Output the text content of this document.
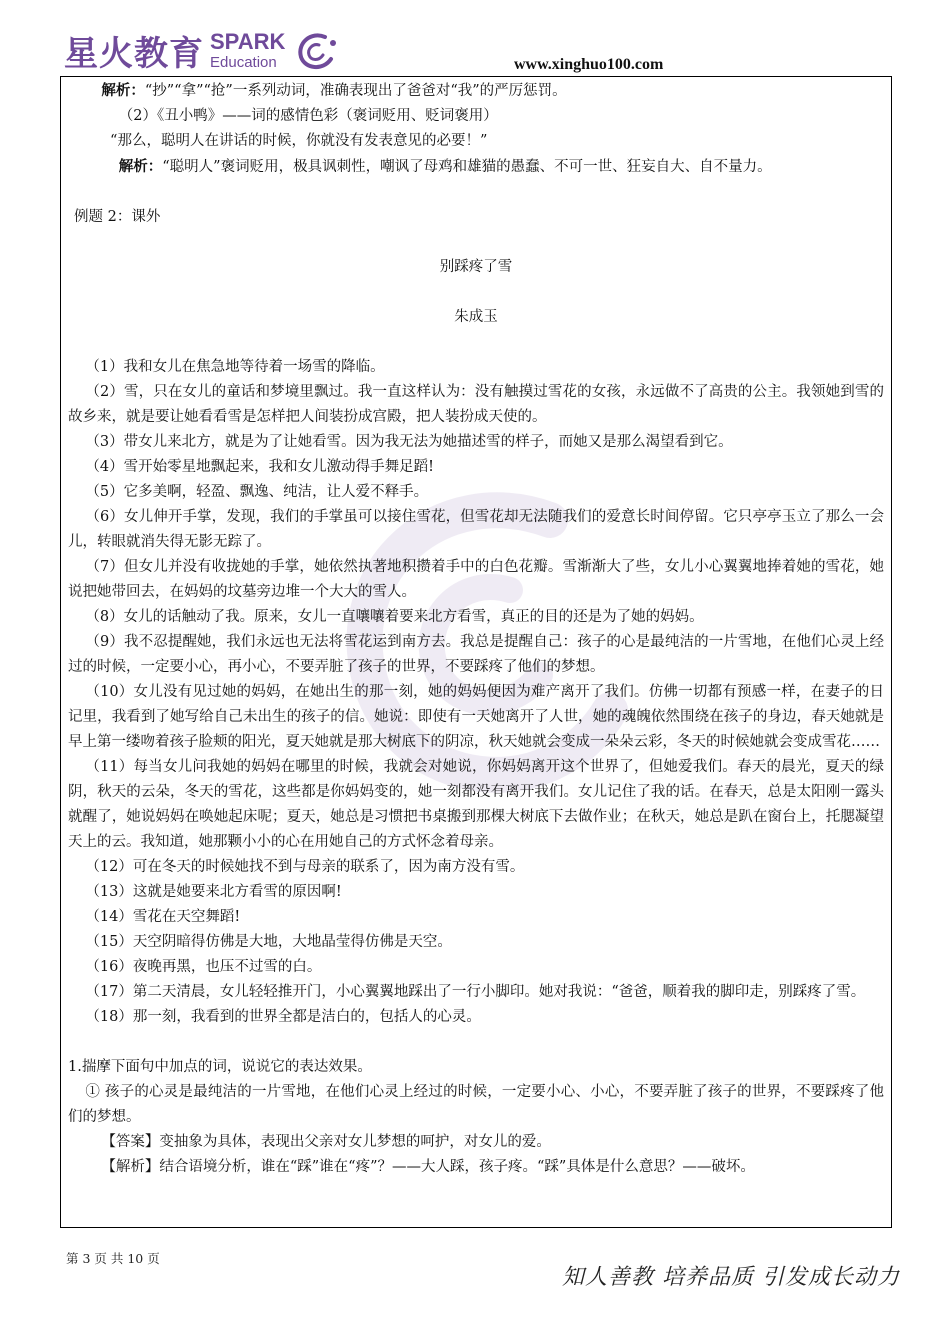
星火教育 SPARK
Education	www.xinghuo100.com

解析：“抄”“拿”“抢”一系列动词，准确表现出了爸爸对“我”的严厉惩罚。

（2）《丑小鸭》——词的感情色彩（褒词贬用、贬词褒用）

“那么，聪明人在讲话的时候，你就没有发表意见的必要！”

解析：“聪明人”褒词贬用，极具讽刺性，嘲讽了母鸡和雄猫的愚蠢、不可一世、狂妄自大、自不量力。

例题 2：课外

别踩疼了雪

朱成玉

（1）我和女儿在焦急地等待着一场雪的降临。

（2）雪，只在女儿的童话和梦境里飘过。我一直这样认为：没有触摸过雪花的女孩，永远做不了高贵的公主。我领她到雪的故乡来，就是要让她看看雪是怎样把人间装扮成宫殿，把人装扮成天使的。

（3）带女儿来北方，就是为了让她看雪。因为我无法为她描述雪的样子，而她又是那么渴望看到它。

（4）雪开始零星地飘起来，我和女儿激动得手舞足蹈!

（5）它多美啊，轻盈、飘逸、纯洁，让人爱不释手。

（6）女儿伸开手掌，发现，我们的手掌虽可以接住雪花，但雪花却无法随我们的爱意长时间停留。它只亭亭玉立了那么一会儿，转眼就消失得无影无踪了。

（7）但女儿并没有收拢她的手掌，她依然执著地积攒着手中的白色花瓣。雪渐渐大了些，女儿小心翼翼地捧着她的雪花，她说把她带回去，在妈妈的坟墓旁边堆一个大大的雪人。

（8）女儿的话触动了我。原来，女儿一直嚷嚷着要来北方看雪，真正的目的还是为了她的妈妈。

（9）我不忍提醒她，我们永远也无法将雪花运到南方去。我总是提醒自己：孩子的心是最纯洁的一片雪地，在他们心灵上经过的时候，一定要小心，再小心，不要弄脏了孩子的世界，不要踩疼了他们的梦想。

（10）女儿没有见过她的妈妈，在她出生的那一刻，她的妈妈便因为难产离开了我们。仿佛一切都有预感一样，在妻子的日记里，我看到了她写给自己未出生的孩子的信。她说：即使有一天她离开了人世，她的魂魄依然围绕在孩子的身边，春天她就是早上第一缕吻着孩子脸颊的阳光，夏天她就是那大树底下的阴凉，秋天她就会变成一朵朵云彩，冬天的时候她就会变成雪花……

（11）每当女儿问我她的妈妈在哪里的时候，我就会对她说，你妈妈离开这个世界了，但她爱我们。春天的晨光，夏天的绿阴，秋天的云朵，冬天的雪花，这些都是你妈妈变的，她一刻都没有离开我们。女儿记住了我的话。在春天，总是太阳刚一露头就醒了，她说妈妈在唤她起床呢；夏天，她总是习惯把书桌搬到那棵大树底下去做作业；在秋天，她总是趴在窗台上，托腮凝望天上的云。我知道，她那颗小小的心在用她自己的方式怀念着母亲。

（12）可在冬天的时候她找不到与母亲的联系了，因为南方没有雪。

（13）这就是她要来北方看雪的原因啊!

（14）雪花在天空舞蹈!

（15）天空阴暗得仿佛是大地，大地晶莹得仿佛是天空。

（16）夜晚再黑，也压不过雪的白。

（17）第二天清晨，女儿轻轻推开门，小心翼翼地踩出了一行小脚印。她对我说：“爸爸，顺着我的脚印走，别踩疼了雪。

（18）那一刻，我看到的世界全都是洁白的，包括人的心灵。

1.揣摩下面句中加点的词，说说它的表达效果。

① 孩子的心灵是最纯洁的一片雪地，在他们心灵上经过的时候，一定要小心、小心，不要弄脏了孩子的世界，不要踩疼了他们的梦想。

【答案】变抽象为具体，表现出父亲对女儿梦想的呵护，对女儿的爱。

【解析】结合语境分析，谁在“踩”谁在“疼”？——大人踩，孩子疼。“踩”具体是什么意思？——破坏。

第 3 页 共 10 页
知人善教 培养品质 引发成长动力
